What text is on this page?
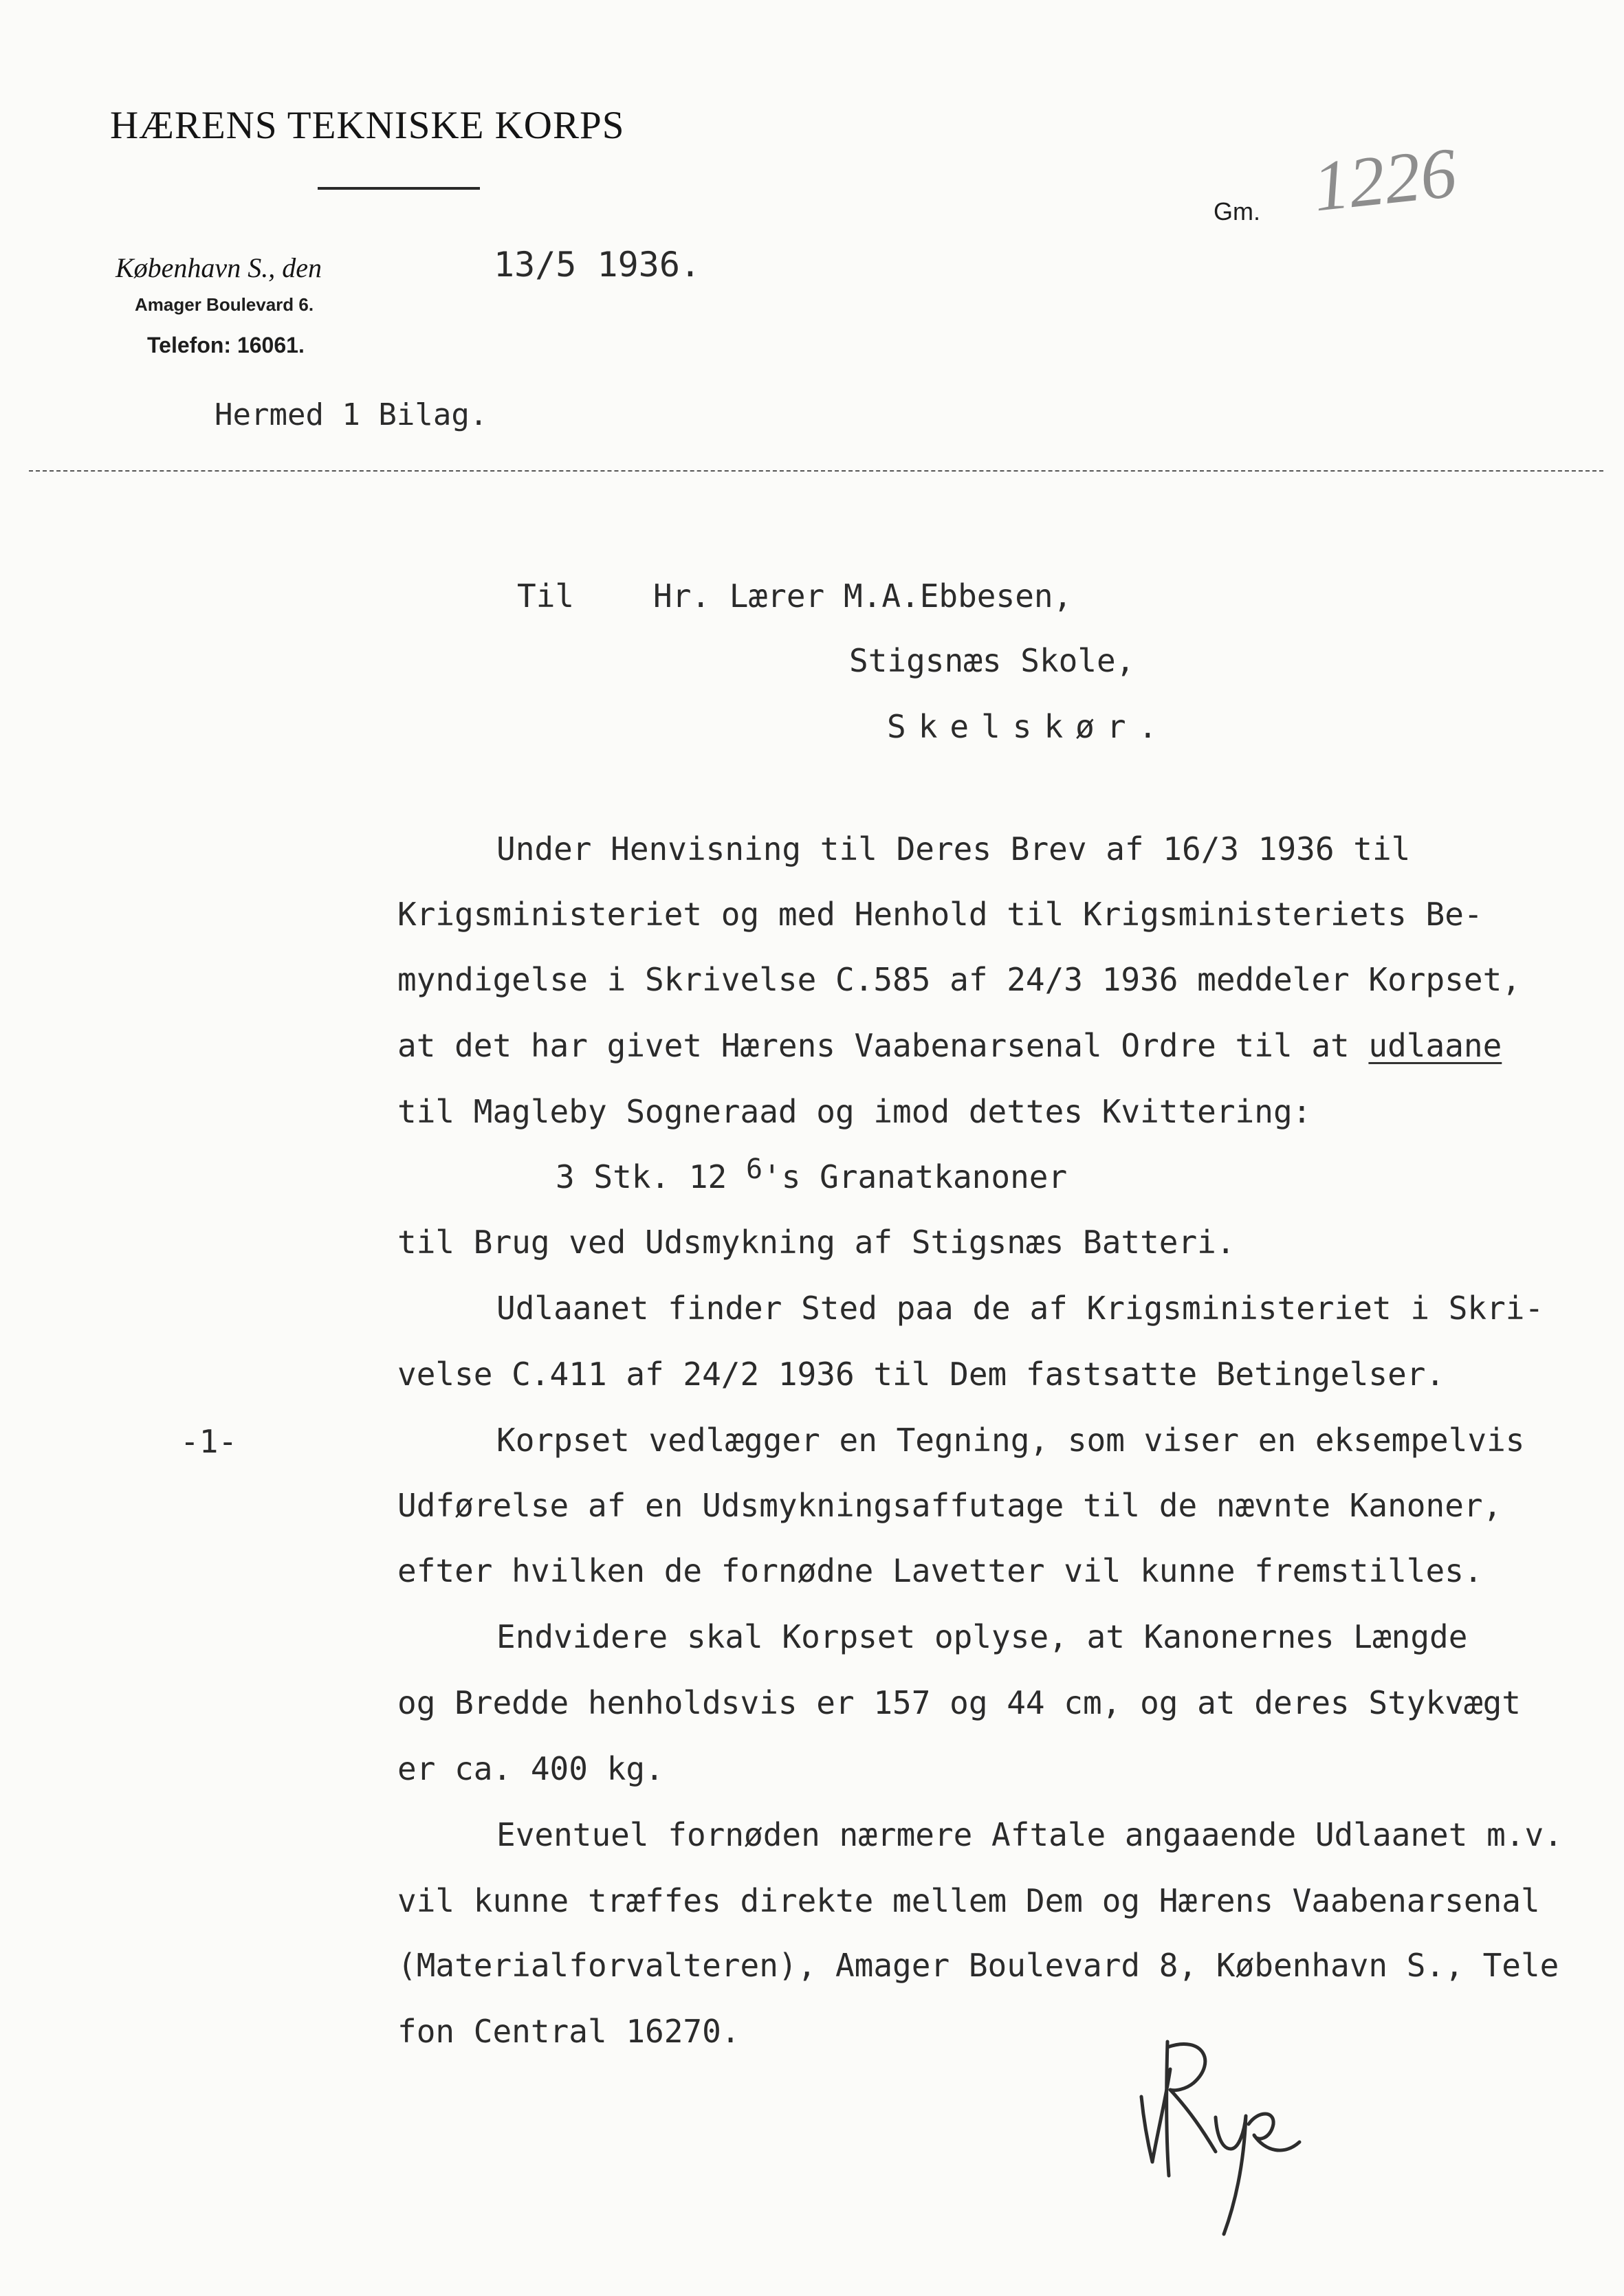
HÆRENS TEKNISKE KORPS
København S., den	13/5 1936.
Amager Boulevard 6.
Telefon: 16061.
Gm. 1226
Hermed 1 Bilag.
Til Hr. Lærer M.A.Ebbesen,
Stigsnæs Skole,
Skelskør.
Under Henvisning til Deres Brev af 16/3 1936 til
Krigsministeriet og med Henhold til Krigsministeriets Be-
myndigelse i Skrivelse C.585 af 24/3 1936 meddeler Korpset,
at det har givet Hærens Vaabenarsenal Ordre til at udlaane
til Magleby Sogneraad og imod dettes Kvittering:
3 Stk. 12 6's Granatkanoner
til Brug ved Udsmykning af Stigsnæs Batteri.
Udlaanet finder Sted paa de af Krigsministeriet i Skri-
velse C.411 af 24/2 1936 til Dem fastsatte Betingelser.
-1-	Korpset vedlægger en Tegning, som viser en eksempelvis
Udførelse af en Udsmykningsaffutage til de nævnte Kanoner,
efter hvilken de fornødne Lavetter vil kunne fremstilles.
Endvidere skal Korpset oplyse, at Kanonernes Længde
og Bredde henholdsvis er 157 og 44 cm, og at deres Stykvægt
er ca. 400 kg.
Eventuel fornøden nærmere Aftale angaaende Udlaanet m.v.
vil kunne træffes direkte mellem Dem og Hærens Vaabenarsenal
(Materialforvalteren), Amager Boulevard 8, København S., Tele
fon Central 16270.
